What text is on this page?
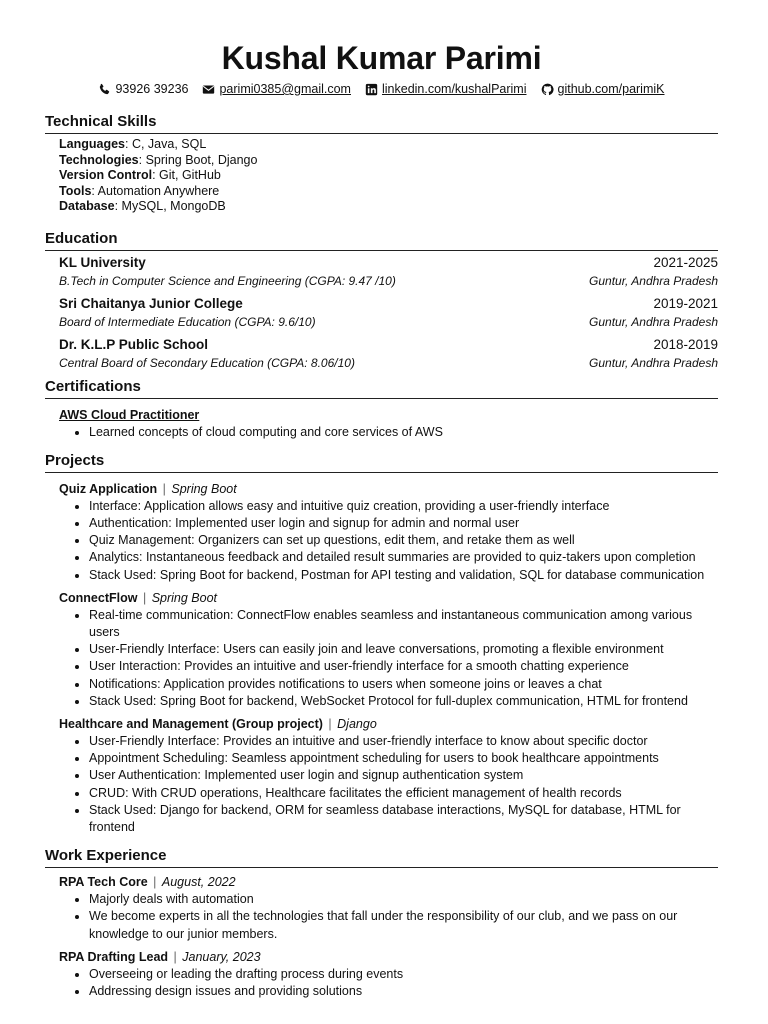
Kushal Kumar Parimi
93926 39236 parimi0385@gmail.com linkedin.com/kushalParimi github.com/parimiK
Technical Skills
Languages: C, Java, SQL
Technologies: Spring Boot, Django
Version Control: Git, GitHub
Tools: Automation Anywhere
Database: MySQL, MongoDB
Education
KL University	2021-2025
B.Tech in Computer Science and Engineering (CGPA: 9.47 /10)	Guntur, Andhra Pradesh
Sri Chaitanya Junior College	2019-2021
Board of Intermediate Education (CGPA: 9.6/10)	Guntur, Andhra Pradesh
Dr. K.L.P Public School	2018-2019
Central Board of Secondary Education (CGPA: 8.06/10)	Guntur, Andhra Pradesh
Certifications
AWS Cloud Practitioner
• Learned concepts of cloud computing and core services of AWS
Projects
Quiz Application | Spring Boot
• Interface: Application allows easy and intuitive quiz creation, providing a user-friendly interface
• Authentication: Implemented user login and signup for admin and normal user
• Quiz Management: Organizers can set up questions, edit them, and retake them as well
• Analytics: Instantaneous feedback and detailed result summaries are provided to quiz-takers upon completion
• Stack Used: Spring Boot for backend, Postman for API testing and validation, SQL for database communication
ConnectFlow | Spring Boot
• Real-time communication: ConnectFlow enables seamless and instantaneous communication among various users
• User-Friendly Interface: Users can easily join and leave conversations, promoting a flexible environment
• User Interaction: Provides an intuitive and user-friendly interface for a smooth chatting experience
• Notifications: Application provides notifications to users when someone joins or leaves a chat
• Stack Used: Spring Boot for backend, WebSocket Protocol for full-duplex communication, HTML for frontend
Healthcare and Management (Group project) | Django
• User-Friendly Interface: Provides an intuitive and user-friendly interface to know about specific doctor
• Appointment Scheduling: Seamless appointment scheduling for users to book healthcare appointments
• User Authentication: Implemented user login and signup authentication system
• CRUD: With CRUD operations, Healthcare facilitates the efficient management of health records
• Stack Used: Django for backend, ORM for seamless database interactions, MySQL for database, HTML for frontend
Work Experience
RPA Tech Core | August, 2022
• Majorly deals with automation
• We become experts in all the technologies that fall under the responsibility of our club, and we pass on our knowledge to our junior members.
RPA Drafting Lead | January, 2023
• Overseeing or leading the drafting process during events
• Addressing design issues and providing solutions
